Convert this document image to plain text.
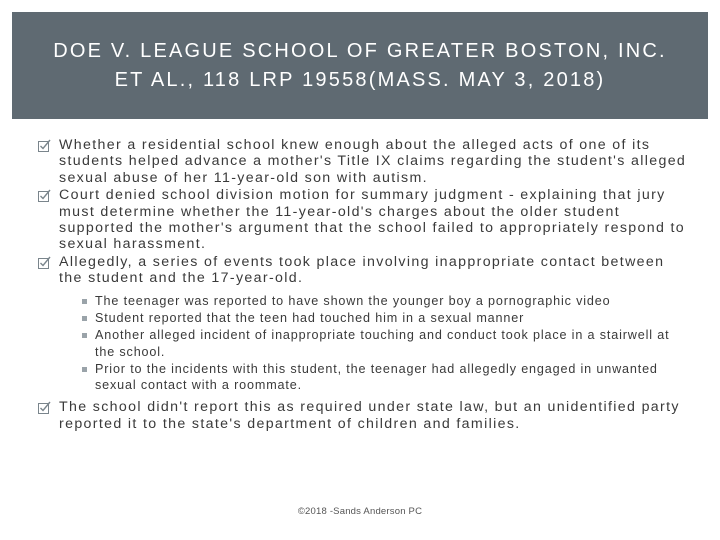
DOE V. LEAGUE SCHOOL OF GREATER BOSTON, INC.
ET AL., 118 LRP 19558(MASS. MAY 3, 2018)
Whether a residential school knew enough about the alleged acts of one of its students helped advance a mother's Title IX claims regarding the student's alleged sexual abuse of her 11-year-old son with autism.
Court denied school division motion for summary judgment - explaining that jury must determine whether the 11-year-old's charges about the older student supported the mother's argument that the school failed to appropriately respond to sexual harassment.
Allegedly, a series of events took place involving inappropriate contact between the student and the 17-year-old.
The teenager was reported to have shown the younger boy a pornographic video
Student reported that the teen had touched him in a sexual manner
Another alleged incident of inappropriate touching and conduct took place in a stairwell at the school.
Prior to the incidents with this student, the teenager had allegedly engaged in unwanted sexual contact with a roommate.
The school didn't report this as required under state law, but an unidentified party reported it to the state's department of children and families.
©2018 -Sands Anderson PC
